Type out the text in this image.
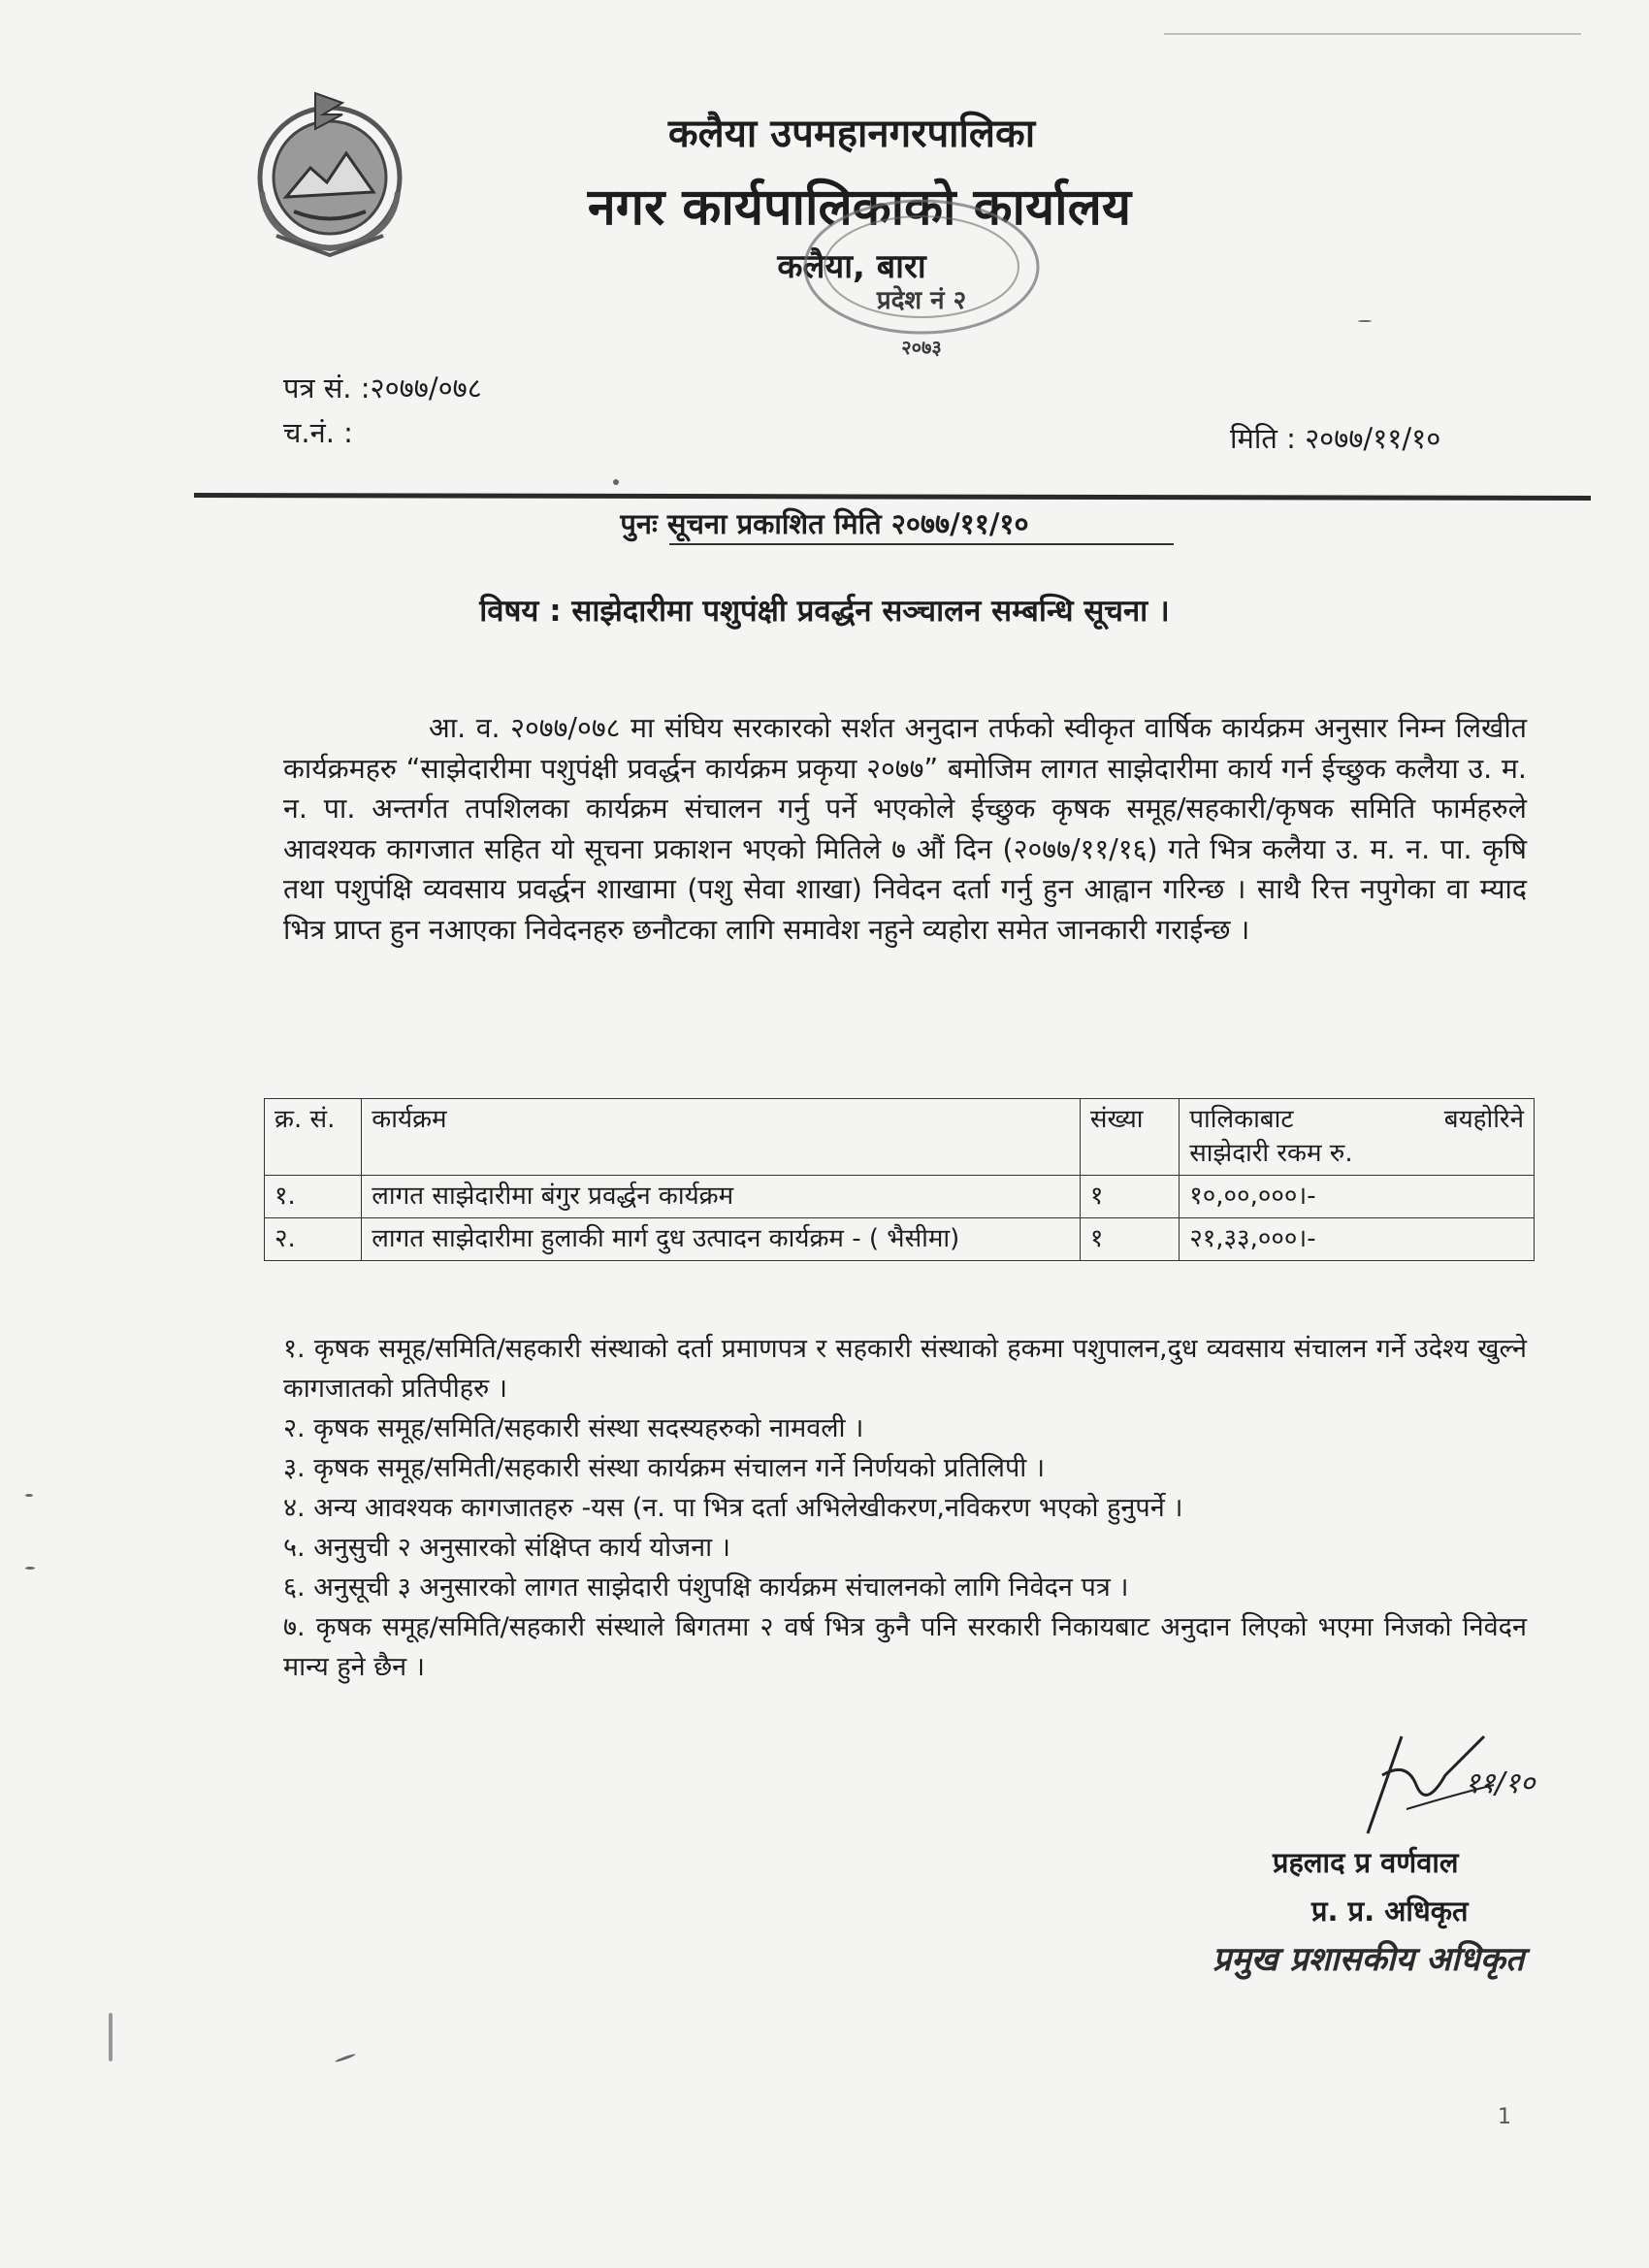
कलैया उपमहानगरपालिका
नगर कार्यपालिकाको कार्यालय
कलैया, बारा
प्रदेश नं २
२०७३
पत्र सं. :२०७७/०७८
च.नं. :	मिति : २०७७/११/१०
पुनः सूचना प्रकाशित मिति २०७७/११/१०
विषय : साझेदारीमा पशुपंक्षी प्रवर्द्धन सञ्चालन सम्बन्धि सूचना ।
आ. व. २०७७/०७८ मा संघिय सरकारको सर्शत अनुदान तर्फको स्वीकृत वार्षिक कार्यक्रम अनुसार निम्न लिखीत कार्यक्रमहरु “साझेदारीमा पशुपंक्षी प्रवर्द्धन कार्यक्रम प्रकृया २०७७” बमोजिम लागत साझेदारीमा कार्य गर्न ईच्छुक कलैया उ. म. न. पा. अन्तर्गत तपशिलका कार्यक्रम संचालन गर्नु पर्ने भएकोले ईच्छुक कृषक समूह/सहकारी/कृषक समिति फार्महरुले आवश्यक कागजात सहित यो सूचना प्रकाशन भएको मितिले ७ औं दिन (२०७७/११/१६) गते भित्र कलैया उ. म. न. पा. कृषि तथा पशुपंक्षि व्यवसाय प्रवर्द्धन शाखामा (पशु सेवा शाखा) निवेदन दर्ता गर्नु हुन आह्वान गरिन्छ । साथै रित्त नपुगेका वा म्याद भित्र प्राप्त हुन नआएका निवेदनहरु छनौटका लागि समावेश नहुने व्यहोरा समेत जानकारी गराईन्छ ।
क्र. सं.	कार्यक्रम	संख्या	पालिकाबाट बयहोरिने
साझेदारी रकम रु.

१.	लागत साझेदारीमा बंगुर प्रवर्द्धन कार्यक्रम	१	१०,००,०००।-
२.	लागत साझेदारीमा हुलाकी मार्ग दुध उत्पादन कार्यक्रम - ( भैसीमा)	१	२१,३३,०००।-
१. कृषक समूह/समिति/सहकारी संस्थाको दर्ता प्रमाणपत्र र सहकारी संस्थाको हकमा पशुपालन,दुध व्यवसाय संचालन गर्ने उदेश्य खुल्ने कागजातको प्रतिपीहरु ।
२. कृषक समूह/समिति/सहकारी संस्था सदस्यहरुको नामवली ।
३. कृषक समूह/समिती/सहकारी संस्था कार्यक्रम संचालन गर्ने निर्णयको प्रतिलिपी ।
४. अन्य आवश्यक कागजातहरु -यस (न. पा भित्र दर्ता अभिलेखीकरण,नविकरण भएको हुनुपर्ने ।
५. अनुसुची २ अनुसारको संक्षिप्त कार्य योजना ।
६. अनुसूची ३ अनुसारको लागत साझेदारी पंशुपक्षि कार्यक्रम संचालनको लागि निवेदन पत्र ।
७. कृषक समूह/समिति/सहकारी संस्थाले बिगतमा २ वर्ष भित्र कुनै पनि सरकारी निकायबाट अनुदान लिएको भएमा निजको निवेदन मान्य हुने छैन ।
११/१०
प्रहलाद प्र वर्णवाल
प्र. प्र. अधिकृत
प्रमुख प्रशासकीय अधिकृत
1
